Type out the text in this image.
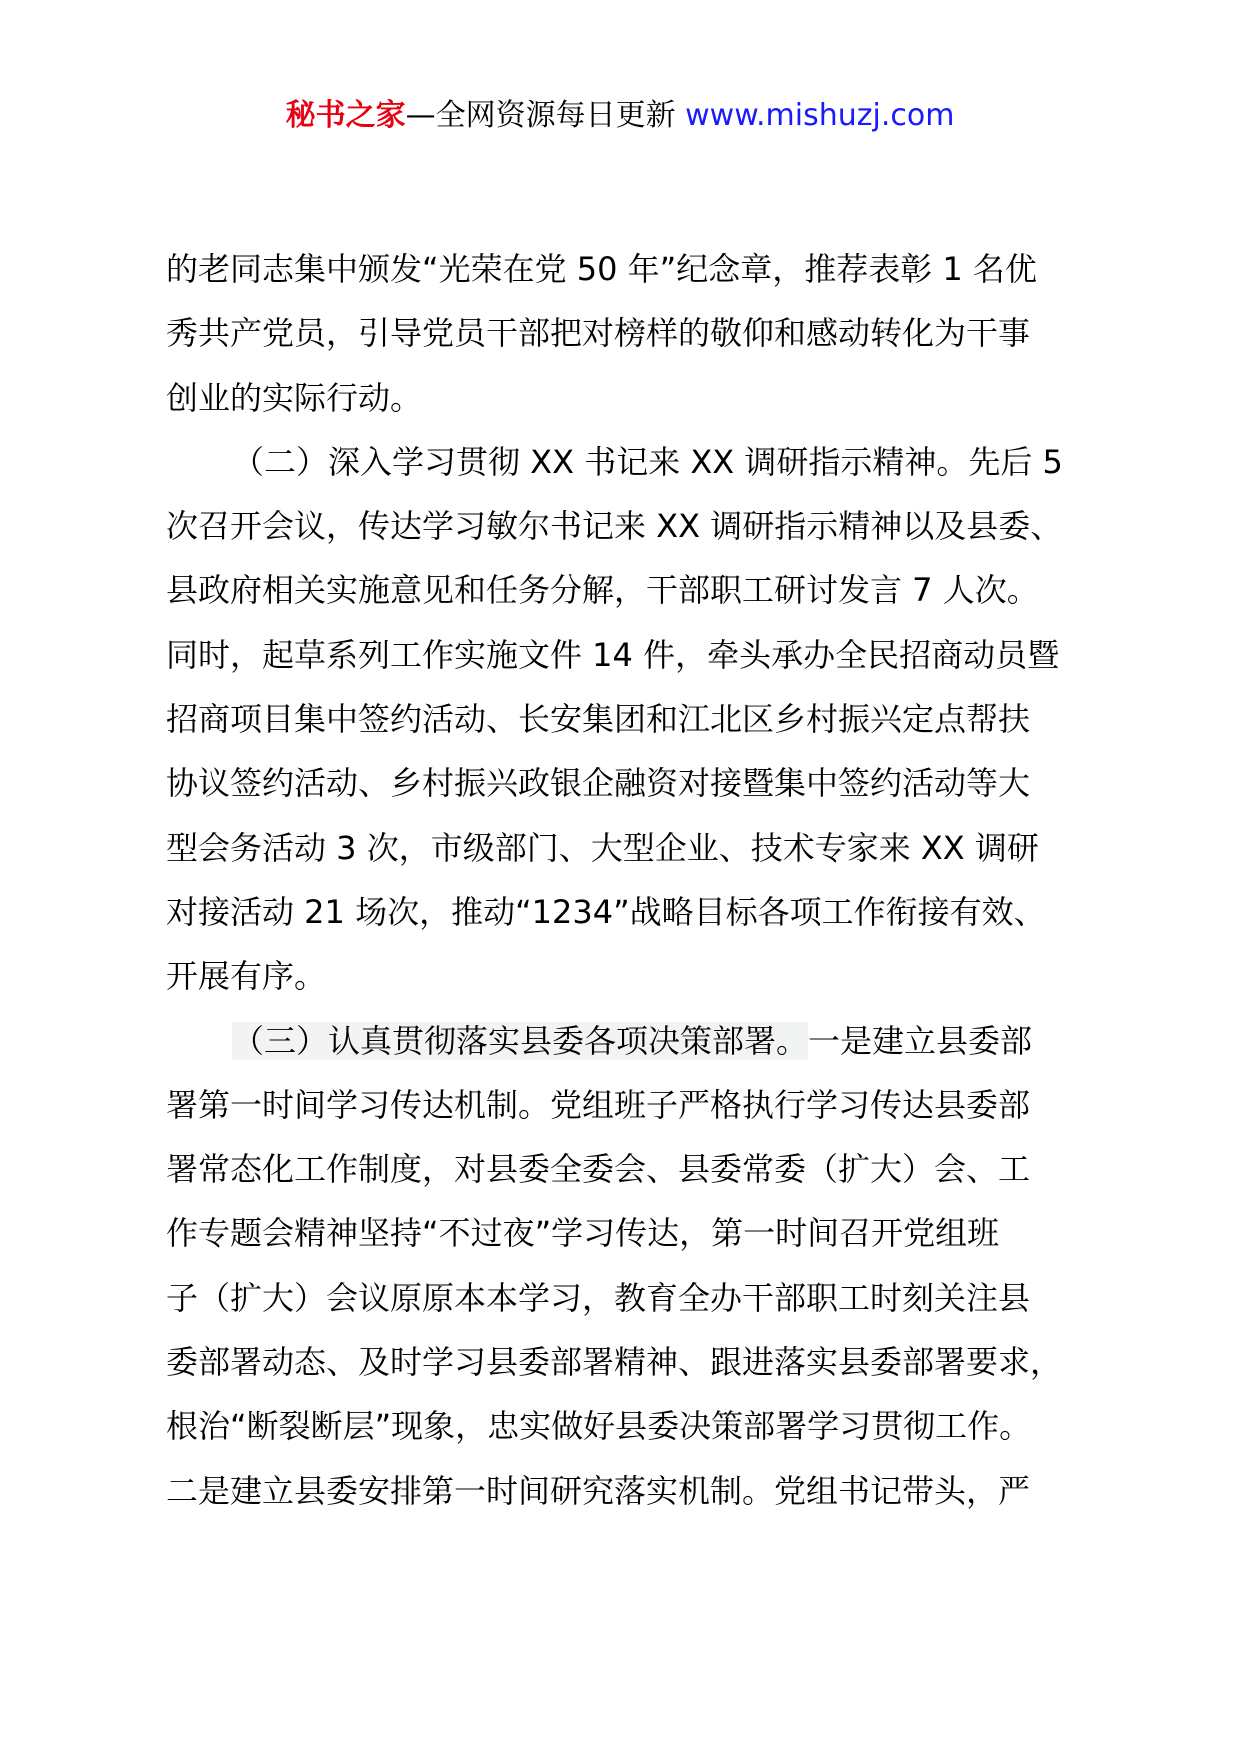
秘书之家—全网资源每日更新 www.mishuzj.com
的老同志集中颁发“光荣在党 50 年”纪念章，推荐表彰 1 名优
秀共产党员，引导党员干部把对榜样的敬仰和感动转化为干事
创业的实际行动。
（二）深入学习贯彻 XX 书记来 XX 调研指示精神。先后 5
次召开会议，传达学习敏尔书记来 XX 调研指示精神以及县委、
县政府相关实施意见和任务分解，干部职工研讨发言 7 人次。
同时，起草系列工作实施文件 14 件，牵头承办全民招商动员暨
招商项目集中签约活动、长安集团和江北区乡村振兴定点帮扶
协议签约活动、乡村振兴政银企融资对接暨集中签约活动等大
型会务活动 3 次，市级部门、大型企业、技术专家来 XX 调研
对接活动 21 场次，推动“1234”战略目标各项工作衔接有效、
开展有序。
（三）认真贯彻落实县委各项决策部署。一是建立县委部
署第一时间学习传达机制。党组班子严格执行学习传达县委部
署常态化工作制度，对县委全委会、县委常委（扩大）会、工
作专题会精神坚持“不过夜”学习传达，第一时间召开党组班
子（扩大）会议原原本本学习，教育全办干部职工时刻关注县
委部署动态、及时学习县委部署精神、跟进落实县委部署要求，
根治“断裂断层”现象，忠实做好县委决策部署学习贯彻工作。
二是建立县委安排第一时间研究落实机制。党组书记带头，严
